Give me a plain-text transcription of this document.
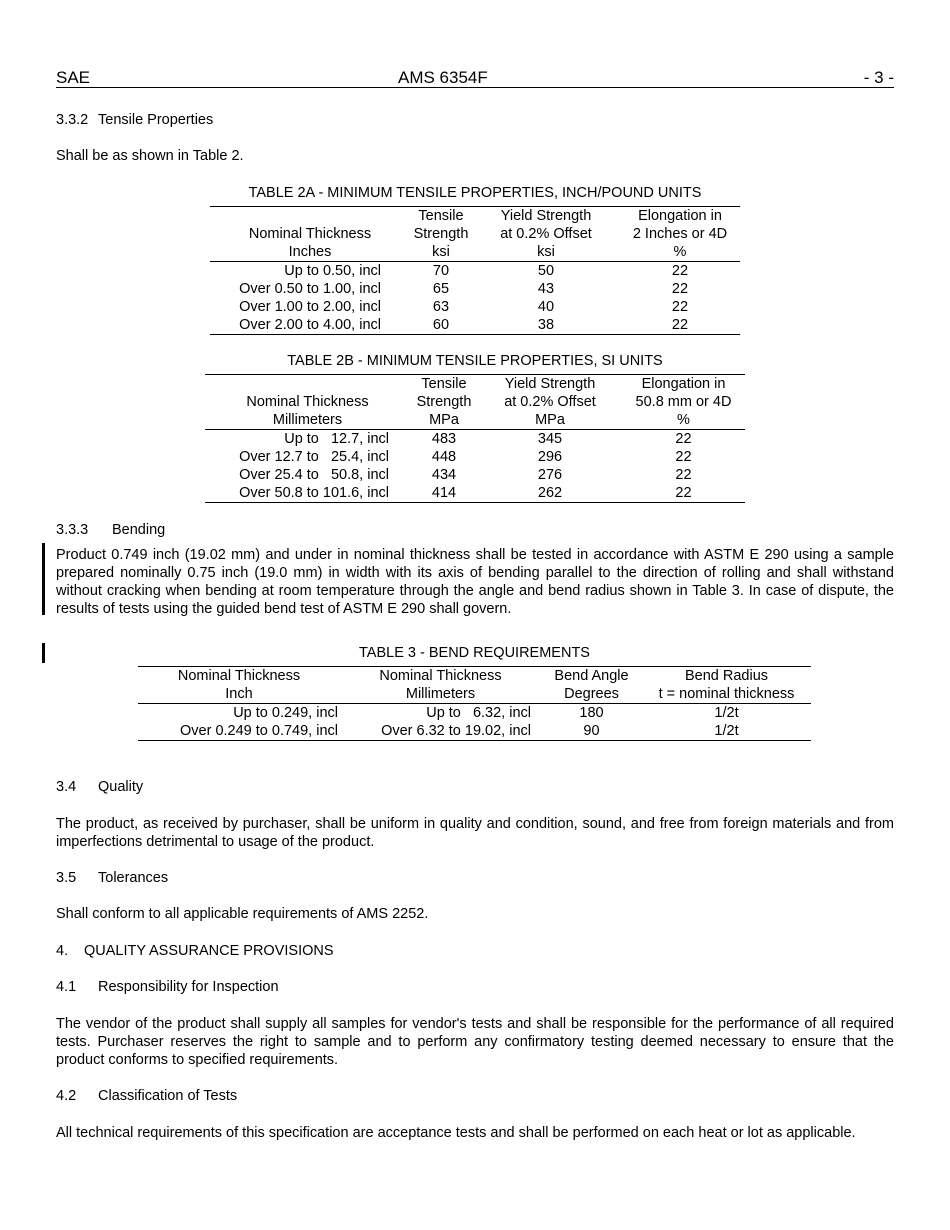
SAE	AMS 6354F	- 3 -
3.3.2 Tensile Properties
Shall be as shown in Table 2.
TABLE 2A - MINIMUM TENSILE PROPERTIES, INCH/POUND UNITS
	Tensile	Yield Strength	Elongation in
Nominal Thickness	Strength	at 0.2% Offset	2 Inches or 4D
Inches	ksi	ksi	%
Up to 0.50, incl	70	50	22
Over 0.50 to 1.00, incl	65	43	22
Over 1.00 to 2.00, incl	63	40	22
Over 2.00 to 4.00, incl	60	38	22
TABLE 2B - MINIMUM TENSILE PROPERTIES, SI UNITS
	Tensile	Yield Strength	Elongation in
Nominal Thickness	Strength	at 0.2% Offset	50.8 mm or 4D
Millimeters	MPa	MPa	%
Up to   12.7, incl	483	345	22
Over 12.7 to   25.4, incl	448	296	22
Over 25.4 to   50.8, incl	434	276	22
Over 50.8 to 101.6, incl	414	262	22
3.3.3 Bending
Product 0.749 inch (19.02 mm) and under in nominal thickness shall be tested in accordance with ASTM E 290 using a sample prepared nominally 0.75 inch (19.0 mm) in width with its axis of bending parallel to the direction of rolling and shall withstand without cracking when bending at room temperature through the angle and bend radius shown in Table 3. In case of dispute, the results of tests using the guided bend test of ASTM E 290 shall govern.
TABLE 3 - BEND REQUIREMENTS
Nominal Thickness	Nominal Thickness	Bend Angle	Bend Radius
Inch	Millimeters	Degrees	t = nominal thickness
Up to 0.249, incl	Up to   6.32, incl	180	1/2t
Over 0.249 to 0.749, incl	Over 6.32 to 19.02, incl	90	1/2t
3.4 Quality
The product, as received by purchaser, shall be uniform in quality and condition, sound, and free from foreign materials and from imperfections detrimental to usage of the product.
3.5 Tolerances
Shall conform to all applicable requirements of AMS 2252.
4. QUALITY ASSURANCE PROVISIONS
4.1 Responsibility for Inspection
The vendor of the product shall supply all samples for vendor's tests and shall be responsible for the performance of all required tests. Purchaser reserves the right to sample and to perform any confirmatory testing deemed necessary to ensure that the product conforms to specified requirements.
4.2 Classification of Tests
All technical requirements of this specification are acceptance tests and shall be performed on each heat or lot as applicable.
